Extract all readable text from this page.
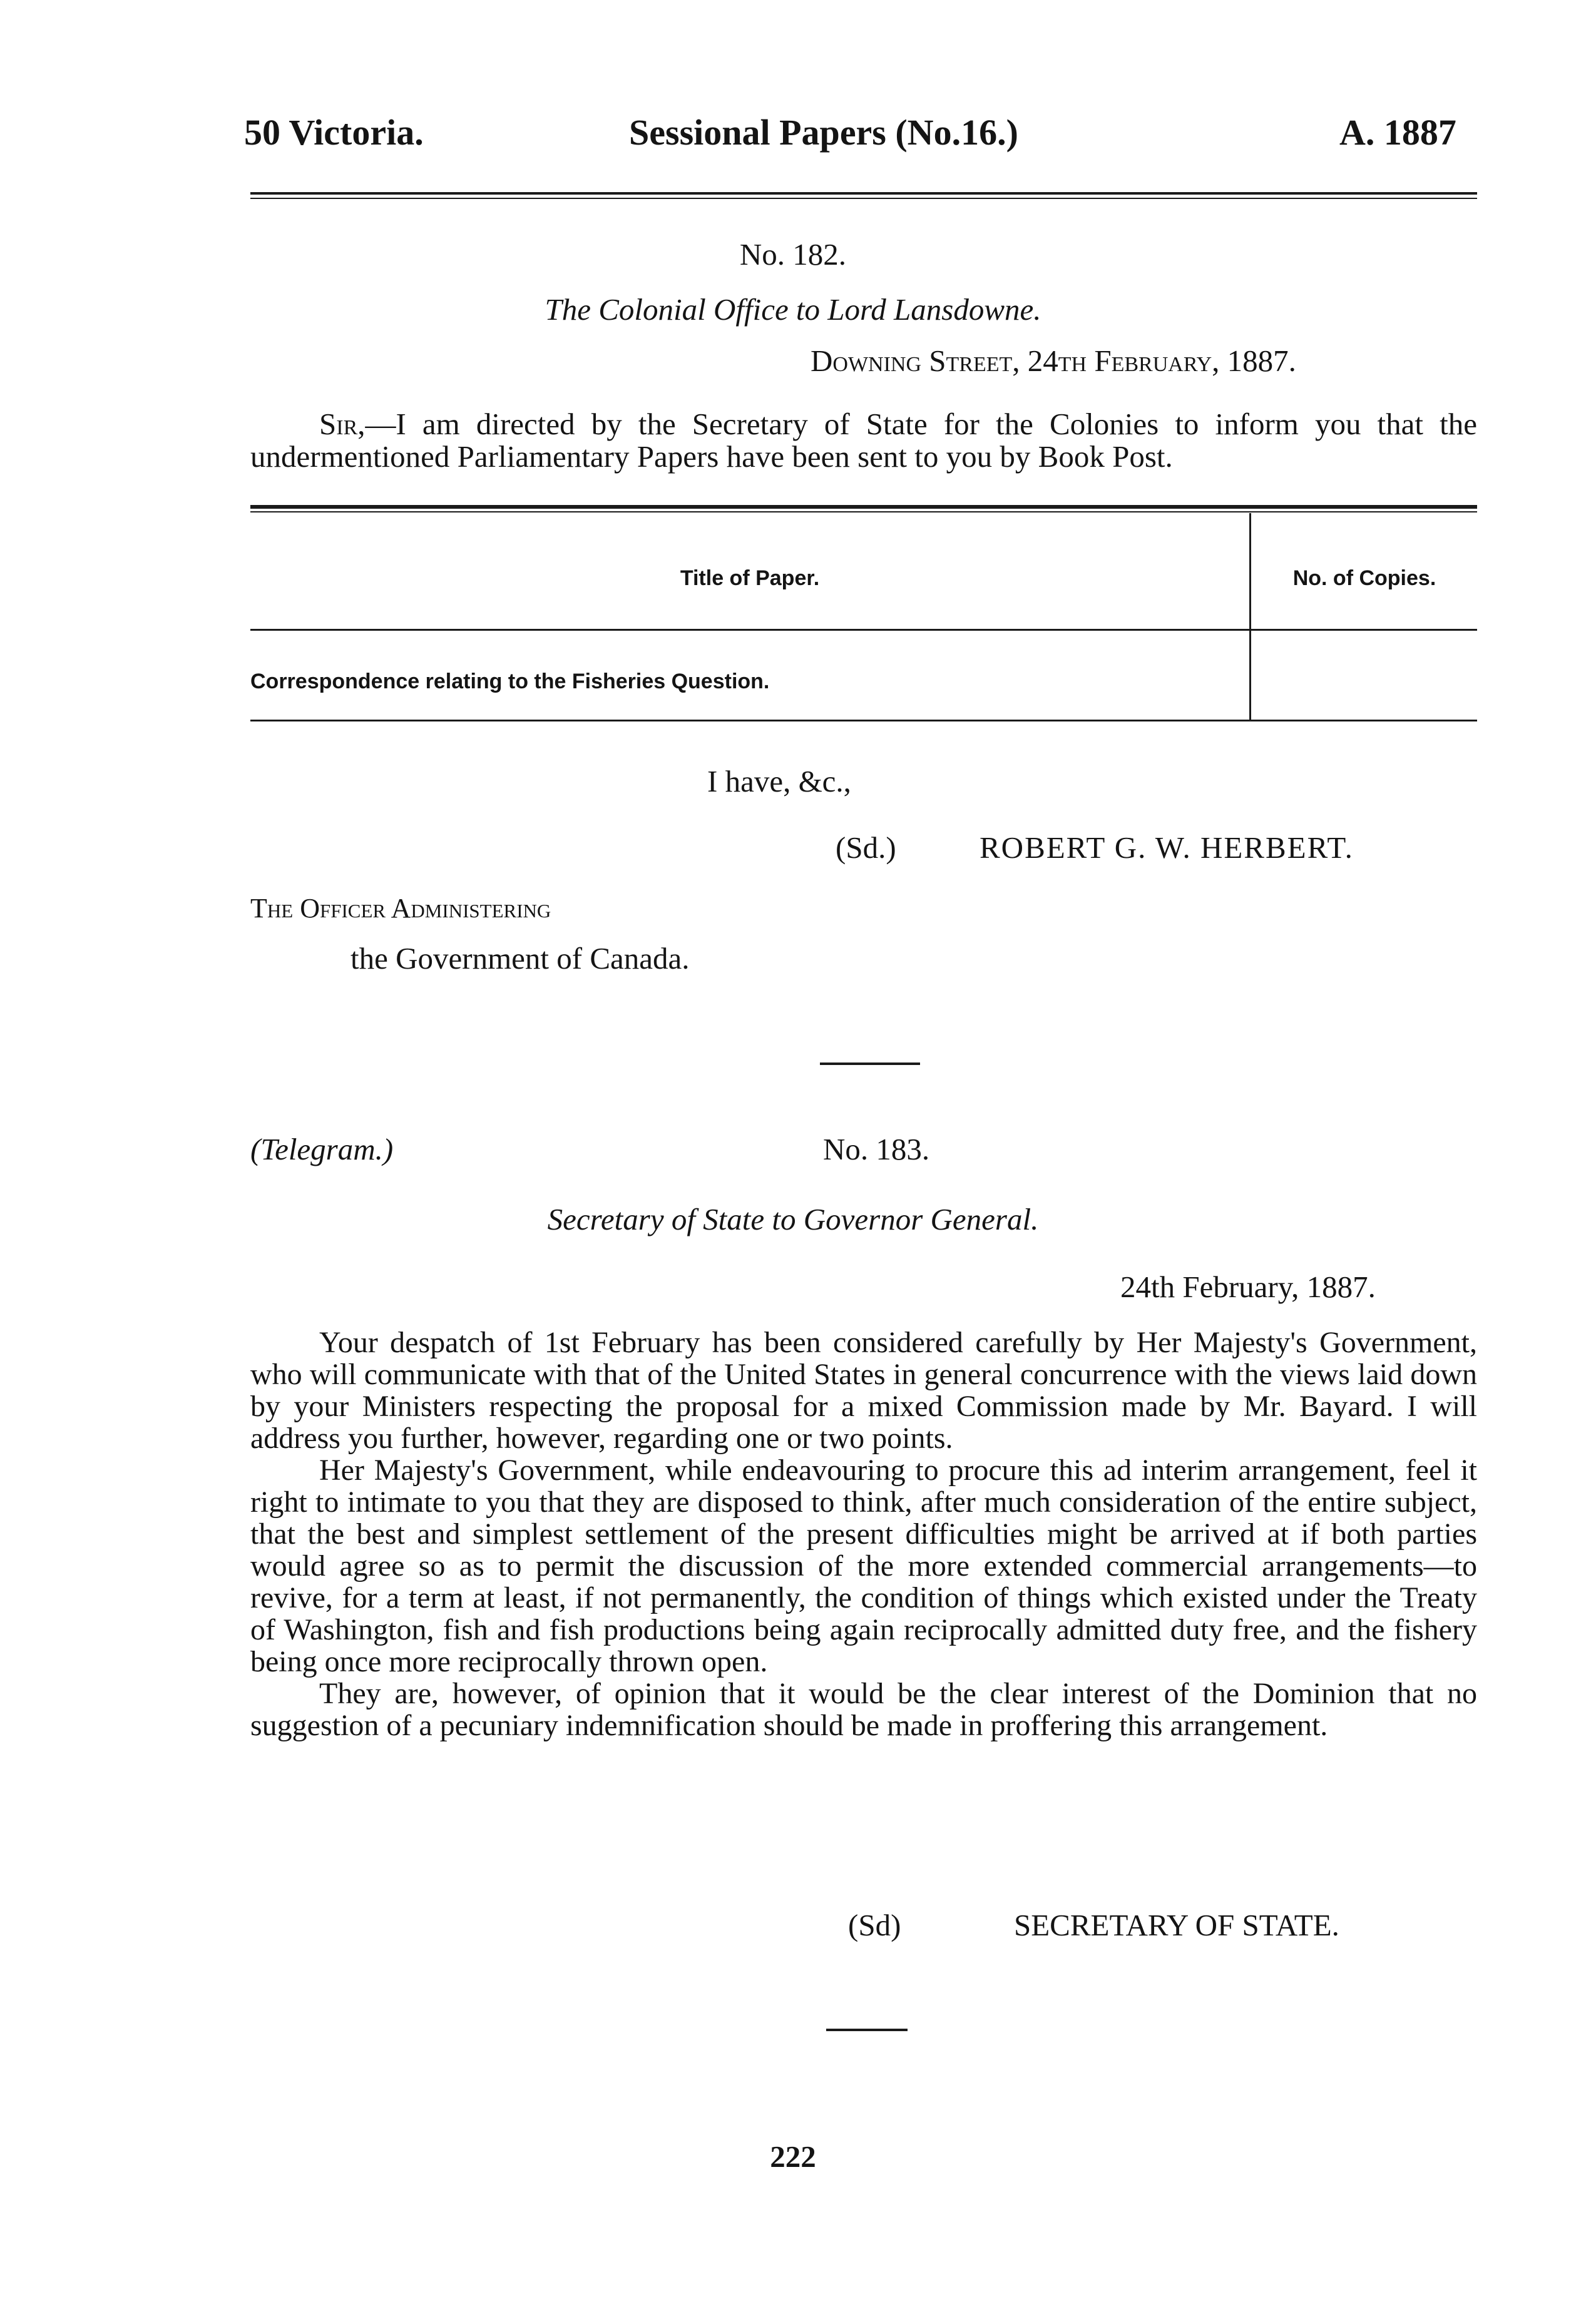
50 Victoria.	Sessional Papers (No.16.)	A. 1887
No. 182.
The Colonial Office to Lord Lansdowne.
Downing Street, 24th February, 1887.
Sir,—I am directed by the Secretary of State for the Colonies to inform you that the undermentioned Parliamentary Papers have been sent to you by Book Post.
Title of Paper.	No. of Copies.
Correspondence relating to the Fisheries Question.
I have, &c.,
(Sd.)	ROBERT G. W. HERBERT.
The Officer Administering
the Government of Canada.
(Telegram.)	No. 183.
Secretary of State to Governor General.
24th February, 1887.

Your despatch of 1st February has been considered carefully by Her Majesty's Government, who will communicate with that of the United States in general concurrence with the views laid down by your Ministers respecting the proposal for a mixed Commission made by Mr. Bayard. I will address you further, however, regarding one or two points.

Her Majesty's Government, while endeavouring to procure this ad interim arrangement, feel it right to intimate to you that they are disposed to think, after much consideration of the entire subject, that the best and simplest settlement of the present difficulties might be arrived at if both parties would agree so as to permit the discussion of the more extended commercial arrangements—to revive, for a term at least, if not permanently, the condition of things which existed under the Treaty of Washington, fish and fish productions being again reciprocally admitted duty free, and the fishery being once more reciprocally thrown open.

They are, however, of opinion that it would be the clear interest of the Dominion that no suggestion of a pecuniary indemnification should be made in proffering this arrangement.

(Sd)	SECRETARY OF STATE.
222
